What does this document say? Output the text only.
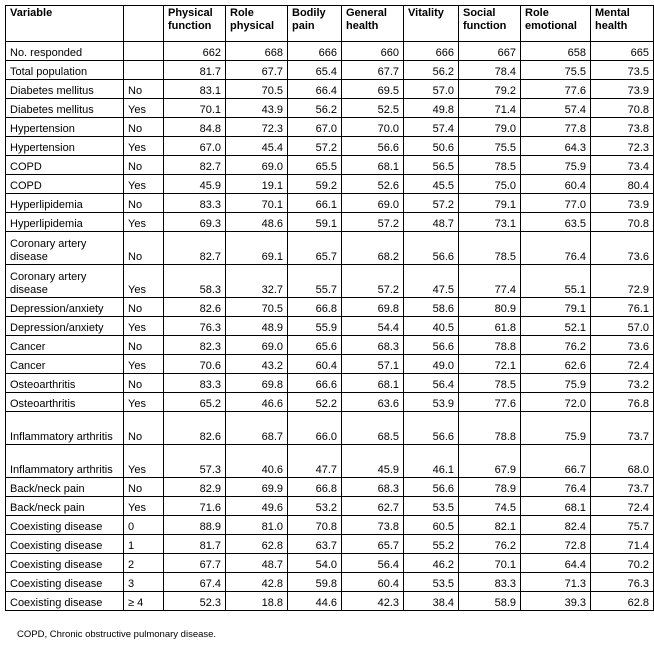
Variable		Physical function	Role physical	Bodily pain	General health	Vitality	Social function	Role emotional	Mental health
No. responded		662	668	666	660	666	667	658	665
Total population		81.7	67.7	65.4	67.7	56.2	78.4	75.5	73.5
Diabetes mellitus	No	83.1	70.5	66.4	69.5	57.0	79.2	77.6	73.9
Diabetes mellitus	Yes	70.1	43.9	56.2	52.5	49.8	71.4	57.4	70.8
Hypertension	No	84.8	72.3	67.0	70.0	57.4	79.0	77.8	73.8
Hypertension	Yes	67.0	45.4	57.2	56.6	50.6	75.5	64.3	72.3
COPD	No	82.7	69.0	65.5	68.1	56.5	78.5	75.9	73.4
COPD	Yes	45.9	19.1	59.2	52.6	45.5	75.0	60.4	80.4
Hyperlipidemia	No	83.3	70.1	66.1	69.0	57.2	79.1	77.0	73.9
Hyperlipidemia	Yes	69.3	48.6	59.1	57.2	48.7	73.1	63.5	70.8
Coronary artery disease	No	82.7	69.1	65.7	68.2	56.6	78.5	76.4	73.6
Coronary artery disease	Yes	58.3	32.7	55.7	57.2	47.5	77.4	55.1	72.9
Depression/anxiety	No	82.6	70.5	66.8	69.8	58.6	80.9	79.1	76.1
Depression/anxiety	Yes	76.3	48.9	55.9	54.4	40.5	61.8	52.1	57.0
Cancer	No	82.3	69.0	65.6	68.3	56.6	78.8	76.2	73.6
Cancer	Yes	70.6	43.2	60.4	57.1	49.0	72.1	62.6	72.4
Osteoarthritis	No	83.3	69.8	66.6	68.1	56.4	78.5	75.9	73.2
Osteoarthritis	Yes	65.2	46.6	52.2	63.6	53.9	77.6	72.0	76.8
Inflammatory arthritis	No	82.6	68.7	66.0	68.5	56.6	78.8	75.9	73.7
Inflammatory arthritis	Yes	57.3	40.6	47.7	45.9	46.1	67.9	66.7	68.0
Back/neck pain	No	82.9	69.9	66.8	68.3	56.6	78.9	76.4	73.7
Back/neck pain	Yes	71.6	49.6	53.2	62.7	53.5	74.5	68.1	72.4
Coexisting disease	0	88.9	81.0	70.8	73.8	60.5	82.1	82.4	75.7
Coexisting disease	1	81.7	62.8	63.7	65.7	55.2	76.2	72.8	71.4
Coexisting disease	2	67.7	48.7	54.0	56.4	46.2	70.1	64.4	70.2
Coexisting disease	3	67.4	42.8	59.8	60.4	53.5	83.3	71.3	76.3
Coexisting disease	≥ 4	52.3	18.8	44.6	42.3	38.4	58.9	39.3	62.8
COPD, Chronic obstructive pulmonary disease.
